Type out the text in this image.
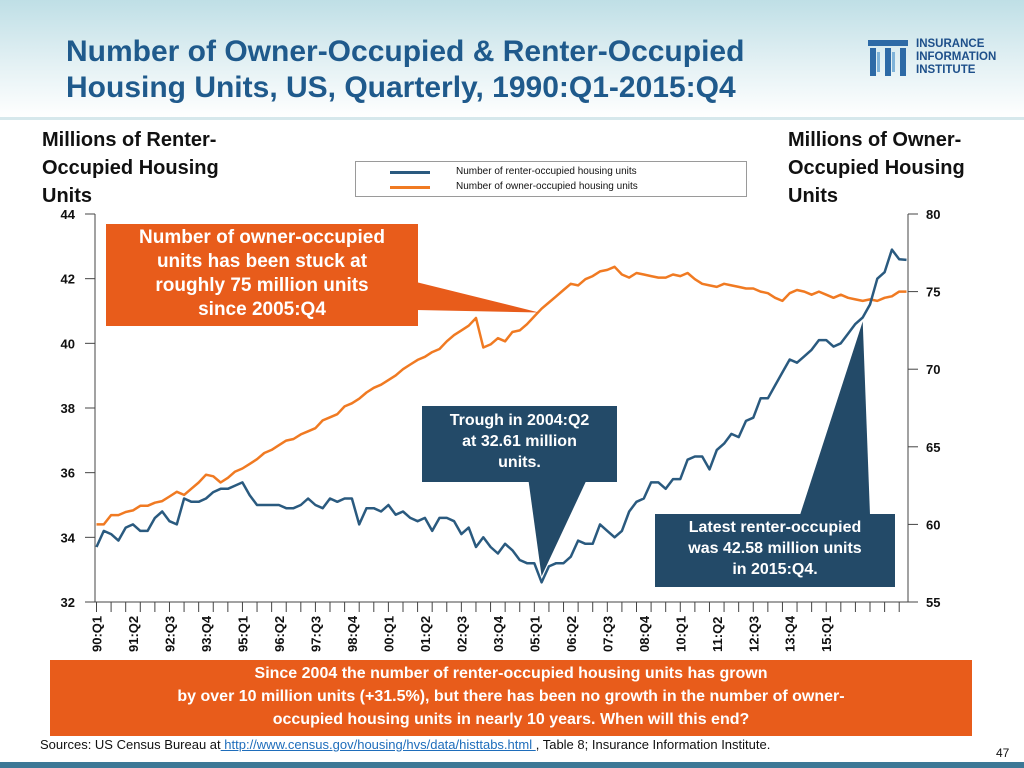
Number of Owner-Occupied & Renter-Occupied
Housing Units, US, Quarterly, 1990:Q1-2015:Q4
INSURANCE
INFORMATION
INSTITUTE
Millions of Renter-
Occupied Housing
Units
Millions of Owner-
Occupied Housing
Units
Number of renter-occupied housing units
Number of owner-occupied housing units
32
34
36
38
40
42
44
55
60
65
70
75
80
90:Q1 91:Q2 92:Q3 93:Q4 95:Q1 96:Q2 97:Q3 98:Q4 00:Q1 01:Q2 02:Q3 03:Q4 05:Q1 06:Q2 07:Q3 08:Q4 10:Q1 11:Q2 12:Q3 13:Q4 15:Q1
Number of owner-occupied
units has been stuck at
roughly 75 million units
since 2005:Q4
Trough in 2004:Q2
at 32.61 million
units.
Latest renter-occupied
was 42.58 million units
in 2015:Q4.
Since 2004 the number of renter-occupied housing units has grown
by over 10 million units (+31.5%), but there has been no growth in the number of owner-
occupied housing units in nearly 10 years. When will this end?
Sources: US Census Bureau at http://www.census.gov/housing/hvs/data/histtabs.html , Table 8; Insurance Information Institute.
47
